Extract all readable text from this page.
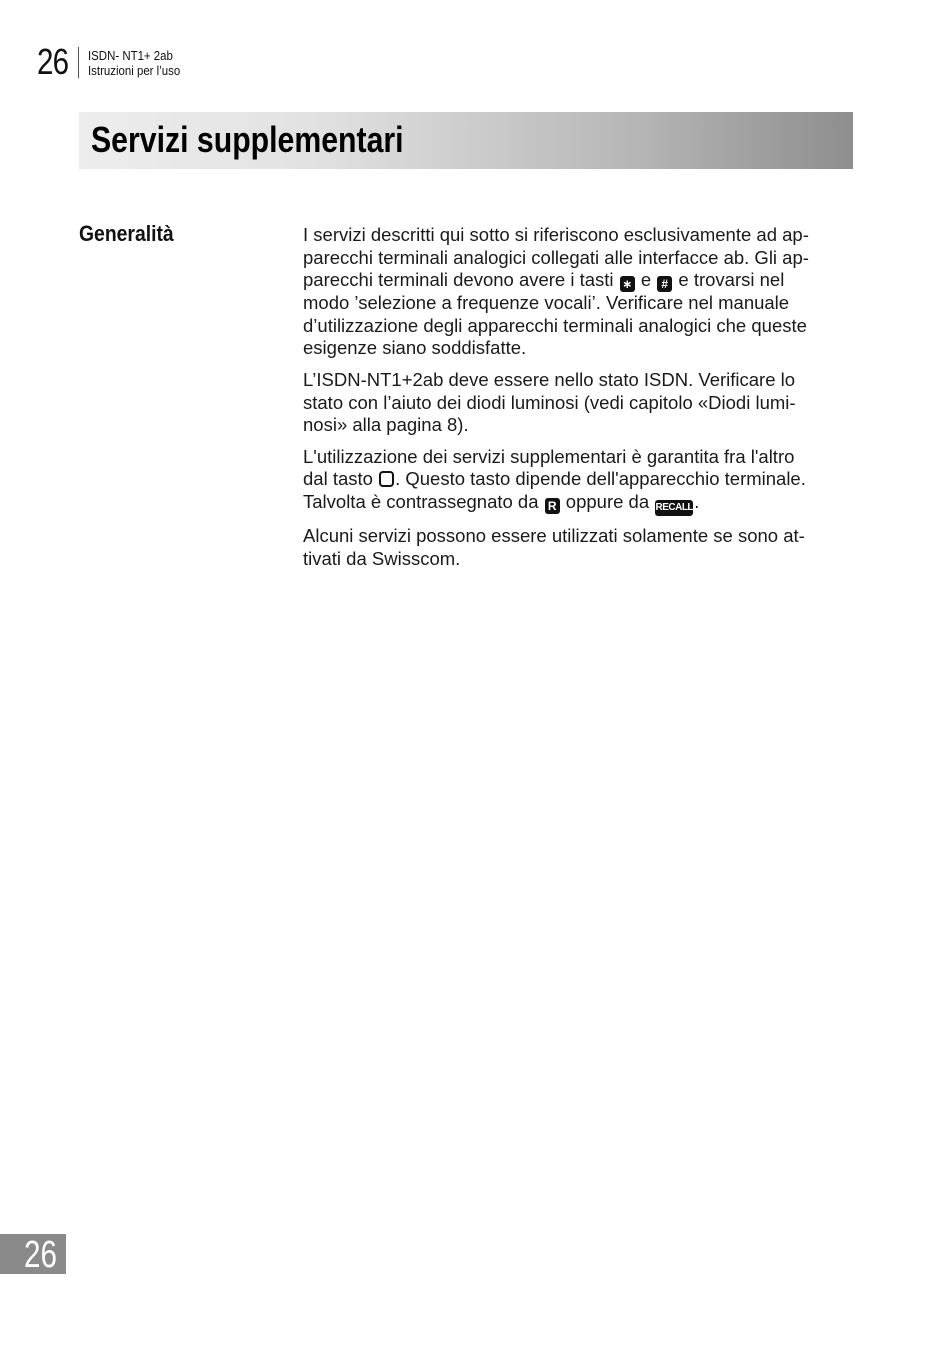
26 ISDN- NT1+ 2ab
Istruzioni per l’uso
Servizi supplementari
Generalità	I servizi descritti qui sotto si riferiscono esclusivamente ad ap-
parecchi terminali analogici collegati alle interfacce ab. Gli ap-
parecchi terminali devono avere i tasti ∗ e # e trovarsi nel
modo ’selezione a frequenze vocali’. Verificare nel manuale
d’utilizzazione degli apparecchi terminali analogici che queste
esigenze siano soddisfatte.

L’ISDN-NT1+2ab deve essere nello stato ISDN. Verificare lo
stato con l’aiuto dei diodi luminosi (vedi capitolo «Diodi lumi-
nosi» alla pagina 8).

L'utilizzazione dei servizi supplementari è garantita fra l'altro
dal tasto . Questo tasto dipende dell'apparecchio terminale.
Talvolta è contrassegnato da R oppure da RECALL.

Alcuni servizi possono essere utilizzati solamente se sono at-
tivati da Swisscom.

26
